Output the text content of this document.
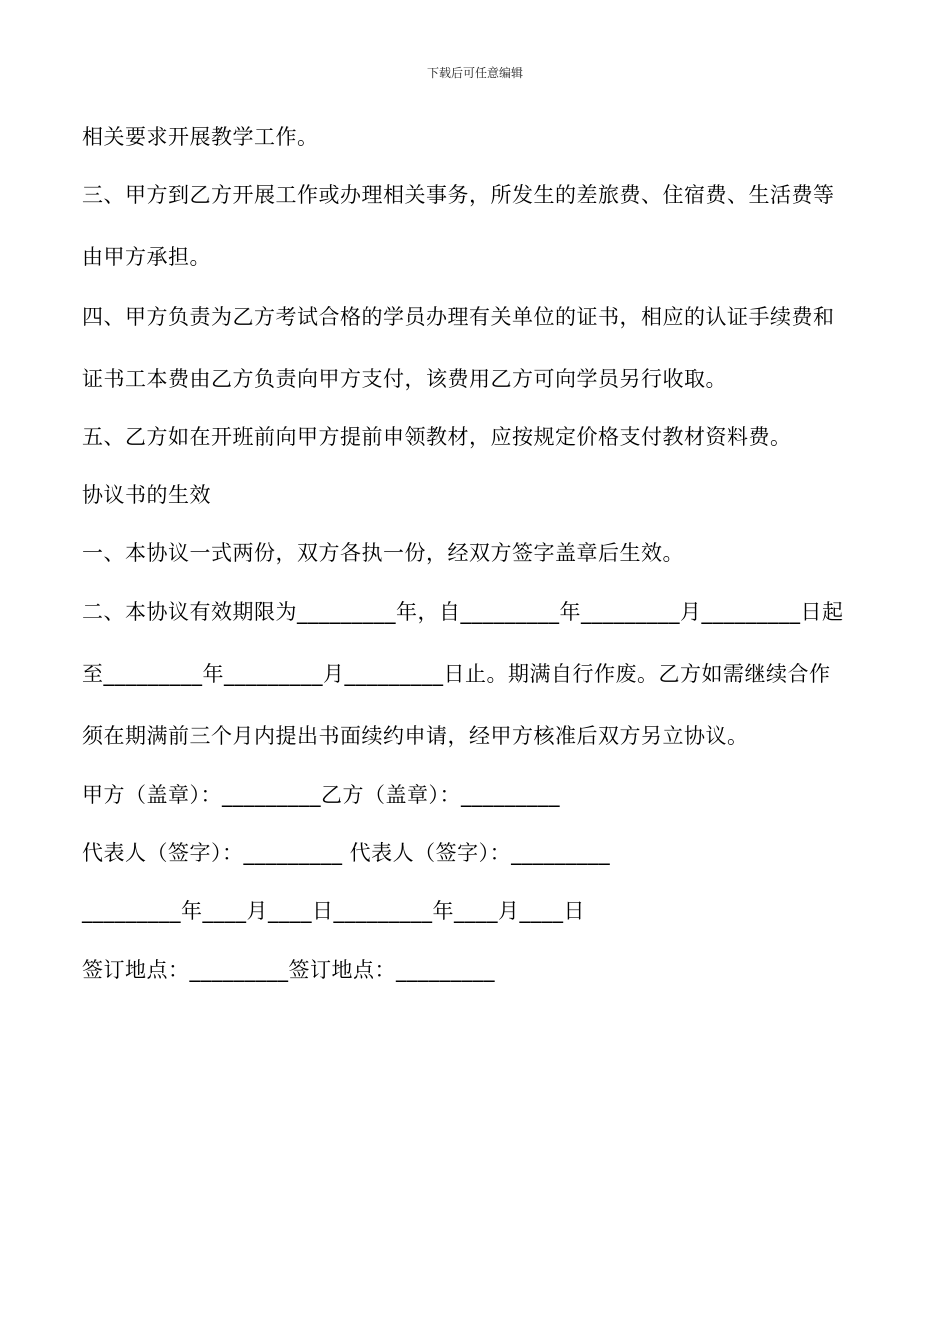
下载后可任意编辑
相关要求开展教学工作。
三、甲方到乙方开展工作或办理相关事务，所发生的差旅费、住宿费、生活费等
由甲方承担。
四、甲方负责为乙方考试合格的学员办理有关单位的证书，相应的认证手续费和
证书工本费由乙方负责向甲方支付，该费用乙方可向学员另行收取。
五、乙方如在开班前向甲方提前申领教材，应按规定价格支付教材资料费。
协议书的生效
一、本协议一式两份，双方各执一份，经双方签字盖章后生效。
二、本协议有效期限为_________年，自_________年_________月_________日起
至_________年_________月_________日止。期满自行作废。乙方如需继续合作
须在期满前三个月内提出书面续约申请，经甲方核准后双方另立协议。
甲方（盖章）：_________乙方（盖章）：_________
代表人（签字）：_________ 代表人（签字）：_________
_________年____月____日_________年____月____日
签订地点：_________签订地点：_________
